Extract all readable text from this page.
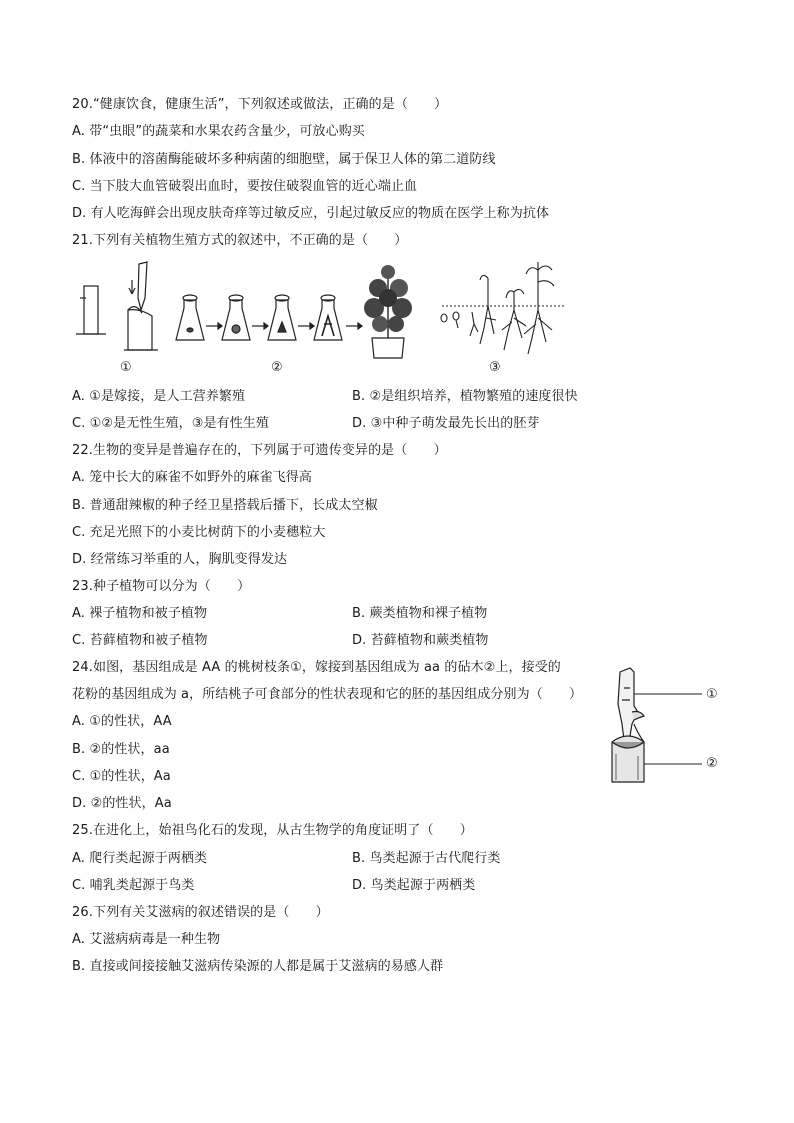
20.“健康饮食，健康生活”，下列叙述或做法，正确的是（　　）
A. 带“虫眼”的蔬菜和水果农药含量少，可放心购买
B. 体液中的溶菌酶能破坏多种病菌的细胞壁，属于保卫人体的第二道防线
C. 当下肢大血管破裂出血时，要按住破裂血管的近心端止血
D. 有人吃海鲜会出现皮肤奇痒等过敏反应，引起过敏反应的物质在医学上称为抗体
21.下列有关植物生殖方式的叙述中，不正确的是（　　）
①	②	③
A. ①是嫁接，是人工营养繁殖	B. ②是组织培养，植物繁殖的速度很快
C. ①②是无性生殖，③是有性生殖	D. ③中种子萌发最先长出的胚芽
22.生物的变异是普遍存在的，下列属于可遗传变异的是（　　）
A. 笼中长大的麻雀不如野外的麻雀飞得高
B. 普通甜辣椒的种子经卫星搭载后播下，长成太空椒
C. 充足光照下的小麦比树荫下的小麦穗粒大
D. 经常练习举重的人，胸肌变得发达
23.种子植物可以分为（　　）
A. 裸子植物和被子植物	B. 蕨类植物和裸子植物
C. 苔藓植物和被子植物	D. 苔藓植物和蕨类植物
24.如图，基因组成是 AA 的桃树枝条①，嫁接到基因组成为 aa 的砧木②上，接受的
花粉的基因组成为 a，所结桃子可食部分的性状表现和它的胚的基因组成分别为（　　）
A. ①的性状，AA
B. ②的性状，aa
C. ①的性状，Aa
D. ②的性状，Aa
①
②
25.在进化上，始祖鸟化石的发现，从古生物学的角度证明了（　　）
A. 爬行类起源于两栖类	B. 鸟类起源于古代爬行类
C. 哺乳类起源于鸟类	D. 鸟类起源于两栖类
26.下列有关艾滋病的叙述错误的是（　　）
A. 艾滋病病毒是一种生物
B. 直接或间接接触艾滋病传染源的人都是属于艾滋病的易感人群
